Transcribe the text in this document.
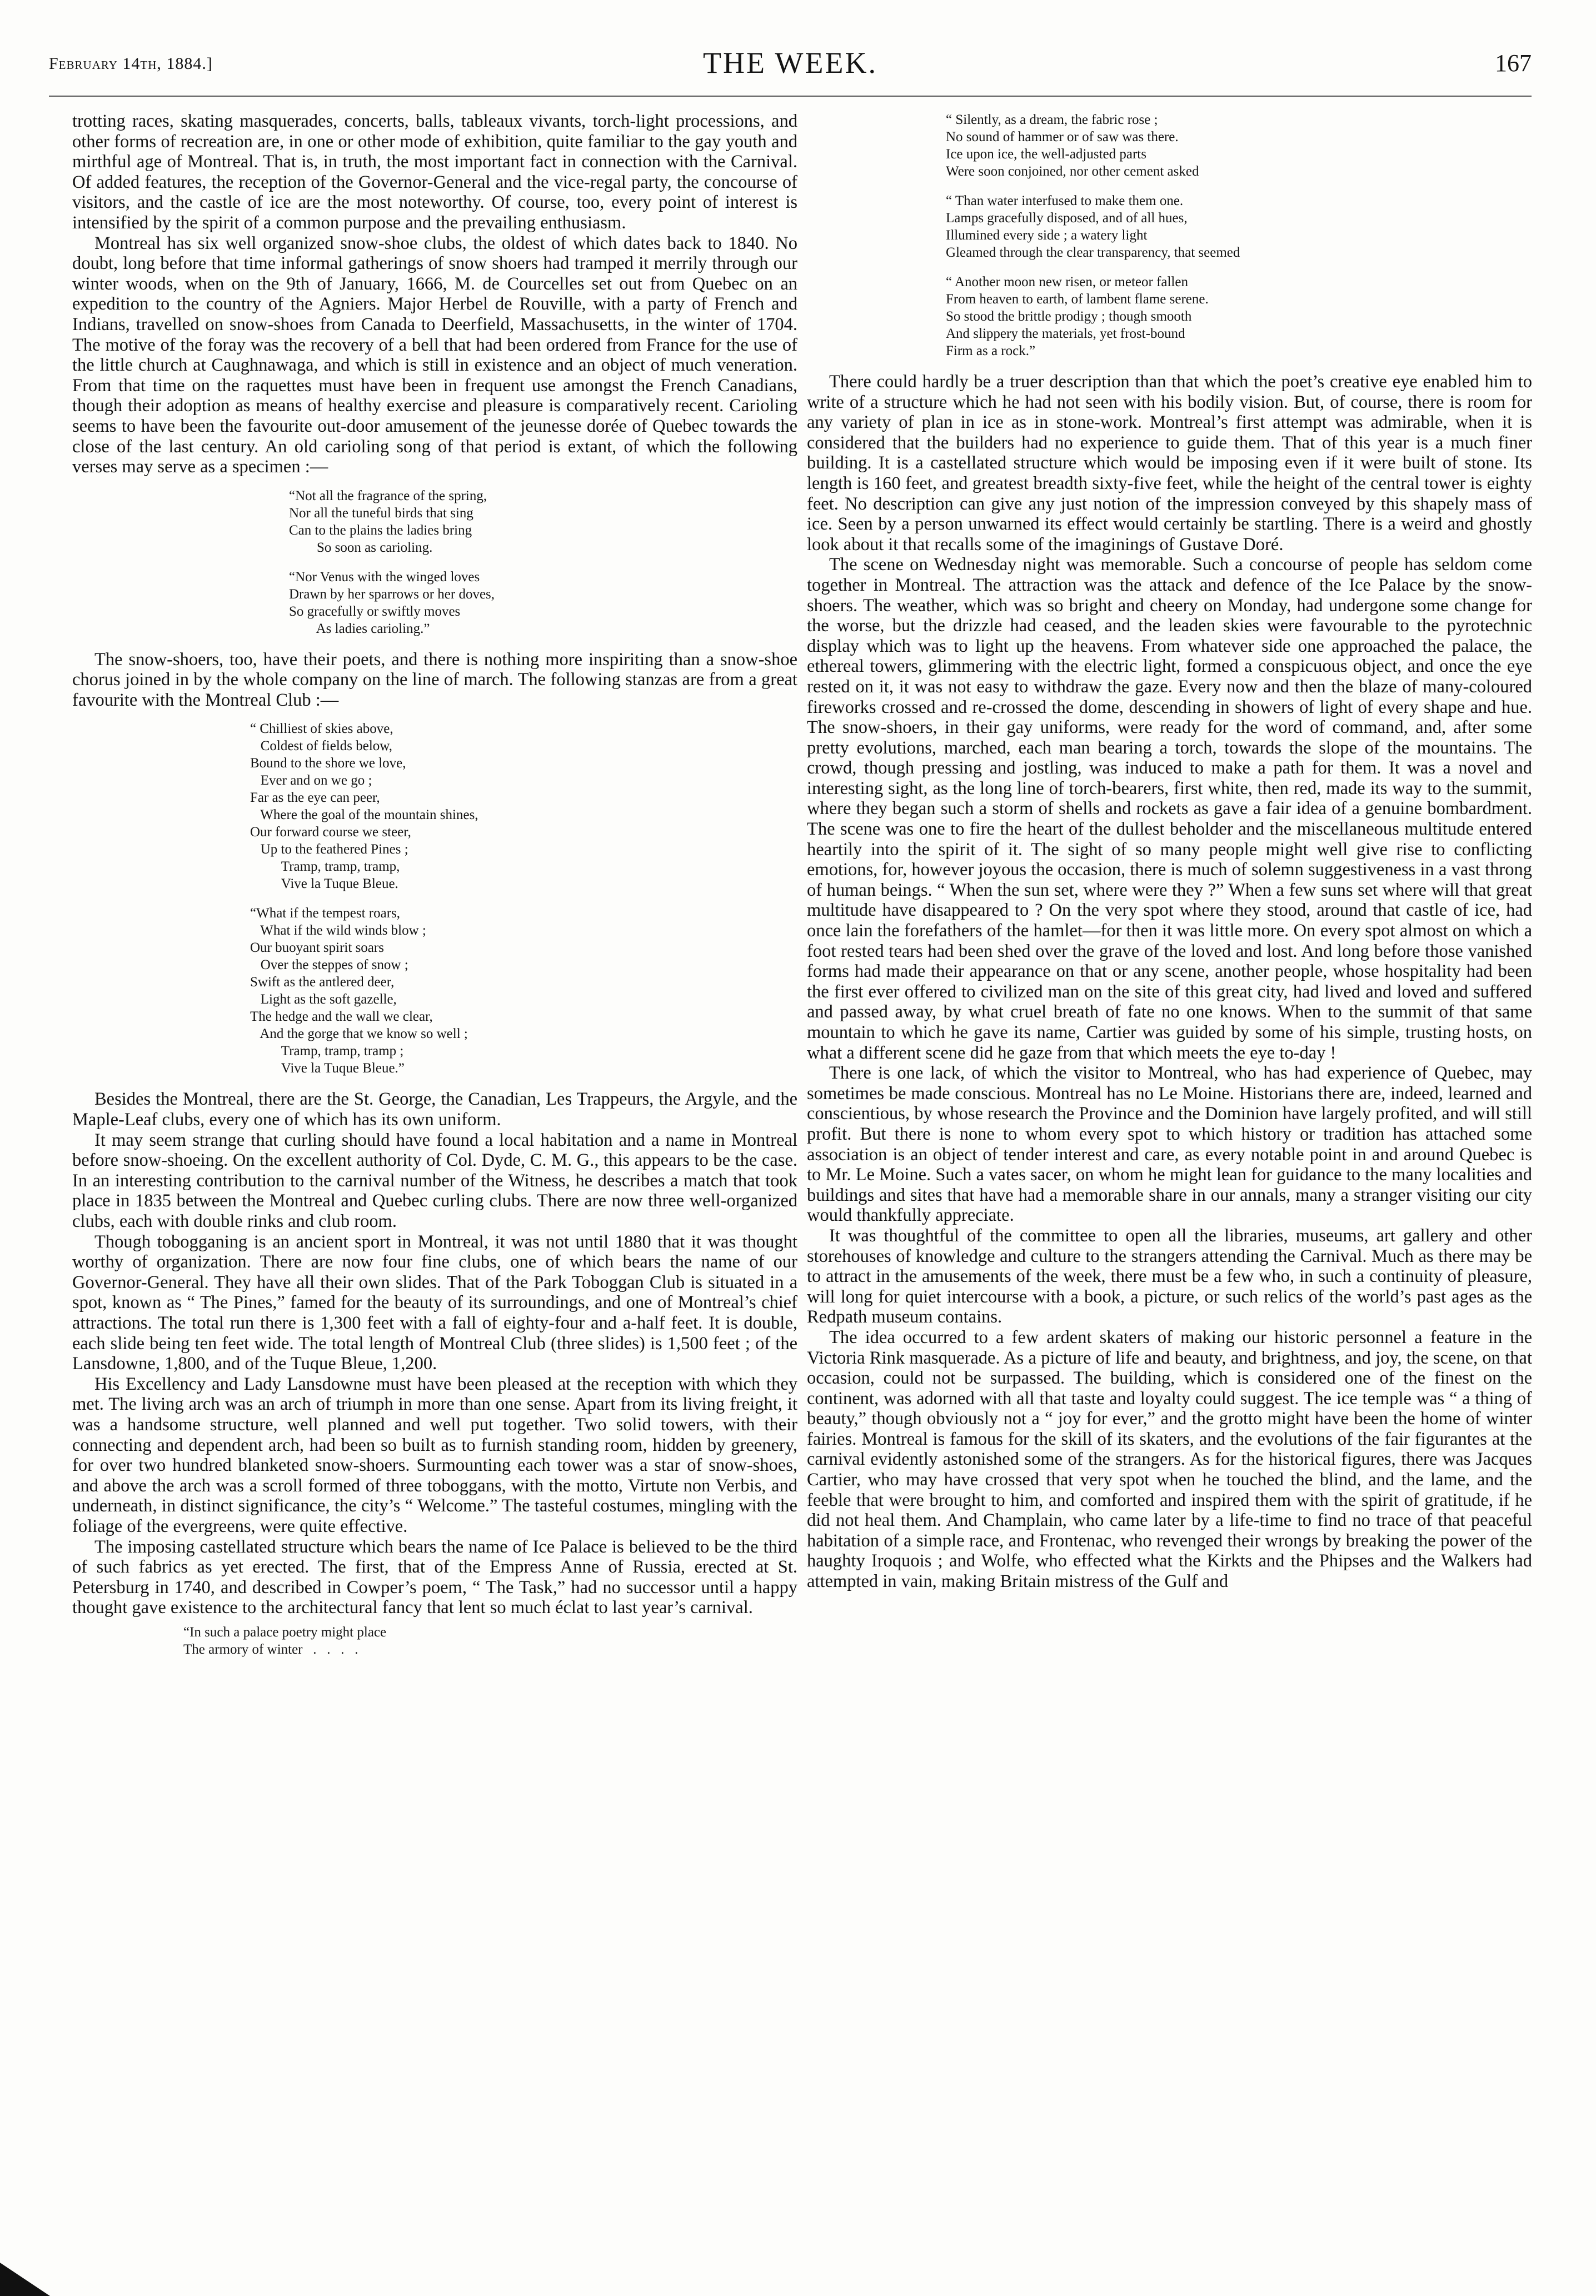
February 14th, 1884.]	THE WEEK.	167

trotting races, skating masquerades, concerts, balls, tableaux vivants, torch-light processions, and other forms of recreation are, in one or other mode of exhibition, quite familiar to the gay youth and mirthful age of Montreal. That is, in truth, the most important fact in connection with the Carnival. Of added features, the reception of the Governor-General and the vice-regal party, the concourse of visitors, and the castle of ice are the most noteworthy. Of course, too, every point of interest is intensified by the spirit of a common purpose and the prevailing enthusiasm.

Montreal has six well organized snow-shoe clubs, the oldest of which dates back to 1840. No doubt, long before that time informal gatherings of snow shoers had tramped it merrily through our winter woods, when on the 9th of January, 1666, M. de Courcelles set out from Quebec on an expedition to the country of the Agniers. Major Herbel de Rouville, with a party of French and Indians, travelled on snow-shoes from Canada to Deerfield, Massachusetts, in the winter of 1704. The motive of the foray was the recovery of a bell that had been ordered from France for the use of the little church at Caughnawaga, and which is still in existence and an object of much veneration. From that time on the raquettes must have been in frequent use amongst the French Canadians, though their adoption as means of healthy exercise and pleasure is comparatively recent. Carioling seems to have been the favourite out-door amusement of the jeunesse dorée of Quebec towards the close of the last century. An old carioling song of that period is extant, of which the following verses may serve as a specimen :—

“Not all the fragrance of the spring,
Nor all the tuneful birds that sing
Can to the plains the ladies bring
So soon as carioling.
“Nor Venus with the winged loves
Drawn by her sparrows or her doves,
So gracefully or swiftly moves
As ladies carioling.”

The snow-shoers, too, have their poets, and there is nothing more inspiriting than a snow-shoe chorus joined in by the whole company on the line of march. The following stanzas are from a great favourite with the Montreal Club :—

“ Chilliest of skies above,
Coldest of fields below,
Bound to the shore we love,
Ever and on we go ;
Far as the eye can peer,
Where the goal of the mountain shines,
Our forward course we steer,
Up to the feathered Pines ;
Tramp, tramp, tramp,
Vive la Tuque Bleue.
“What if the tempest roars,
What if the wild winds blow ;
Our buoyant spirit soars
Over the steppes of snow ;
Swift as the antlered deer,
Light as the soft gazelle,
The hedge and the wall we clear,
And the gorge that we know so well ;
Tramp, tramp, tramp ;
Vive la Tuque Bleue.”

Besides the Montreal, there are the St. George, the Canadian, Les Trappeurs, the Argyle, and the Maple-Leaf clubs, every one of which has its own uniform.

It may seem strange that curling should have found a local habitation and a name in Montreal before snow-shoeing. On the excellent authority of Col. Dyde, C. M. G., this appears to be the case. In an interesting contribution to the carnival number of the Witness, he describes a match that took place in 1835 between the Montreal and Quebec curling clubs. There are now three well-organized clubs, each with double rinks and club room.

Though tobogganing is an ancient sport in Montreal, it was not until 1880 that it was thought worthy of organization. There are now four fine clubs, one of which bears the name of our Governor-General. They have all their own slides. That of the Park Toboggan Club is situated in a spot, known as “ The Pines,” famed for the beauty of its surroundings, and one of Montreal’s chief attractions. The total run there is 1,300 feet with a fall of eighty-four and a-half feet. It is double, each slide being ten feet wide. The total length of Montreal Club (three slides) is 1,500 feet ; of the Lansdowne, 1,800, and of the Tuque Bleue, 1,200.

His Excellency and Lady Lansdowne must have been pleased at the reception with which they met. The living arch was an arch of triumph in more than one sense. Apart from its living freight, it was a handsome structure, well planned and well put together. Two solid towers, with their connecting and dependent arch, had been so built as to furnish standing room, hidden by greenery, for over two hundred blanketed snow-shoers. Surmounting each tower was a star of snow-shoes, and above the arch was a scroll formed of three toboggans, with the motto, Virtute non Verbis, and underneath, in distinct significance, the city’s “ Welcome.” The tasteful costumes, mingling with the foliage of the evergreens, were quite effective.

The imposing castellated structure which bears the name of Ice Palace is believed to be the third of such fabrics as yet erected. The first, that of the Empress Anne of Russia, erected at St. Petersburg in 1740, and described in Cowper’s poem, “ The Task,” had no successor until a happy thought gave existence to the architectural fancy that lent so much éclat to last year’s carnival.

“In such a palace poetry might place
The armory of winter   .   .   .   .
“ Silently, as a dream, the fabric rose ;
No sound of hammer or of saw was there.
Ice upon ice, the well-adjusted parts
Were soon conjoined, nor other cement asked
“ Than water interfused to make them one.
Lamps gracefully disposed, and of all hues,
Illumined every side ; a watery light
Gleamed through the clear transparency, that seemed
“ Another moon new risen, or meteor fallen
From heaven to earth, of lambent flame serene.
So stood the brittle prodigy ; though smooth
And slippery the materials, yet frost-bound
Firm as a rock.”

There could hardly be a truer description than that which the poet’s creative eye enabled him to write of a structure which he had not seen with his bodily vision. But, of course, there is room for any variety of plan in ice as in stone-work. Montreal’s first attempt was admirable, when it is considered that the builders had no experience to guide them. That of this year is a much finer building. It is a castellated structure which would be imposing even if it were built of stone. Its length is 160 feet, and greatest breadth sixty-five feet, while the height of the central tower is eighty feet. No description can give any just notion of the impression conveyed by this shapely mass of ice. Seen by a person unwarned its effect would certainly be startling. There is a weird and ghostly look about it that recalls some of the imaginings of Gustave Doré.

The scene on Wednesday night was memorable. Such a concourse of people has seldom come together in Montreal. The attraction was the attack and defence of the Ice Palace by the snow-shoers. The weather, which was so bright and cheery on Monday, had undergone some change for the worse, but the drizzle had ceased, and the leaden skies were favourable to the pyrotechnic display which was to light up the heavens. From whatever side one approached the palace, the ethereal towers, glimmering with the electric light, formed a conspicuous object, and once the eye rested on it, it was not easy to withdraw the gaze. Every now and then the blaze of many-coloured fireworks crossed and re-crossed the dome, descending in showers of light of every shape and hue. The snow-shoers, in their gay uniforms, were ready for the word of command, and, after some pretty evolutions, marched, each man bearing a torch, towards the slope of the mountains. The crowd, though pressing and jostling, was induced to make a path for them. It was a novel and interesting sight, as the long line of torch-bearers, first white, then red, made its way to the summit, where they began such a storm of shells and rockets as gave a fair idea of a genuine bombardment. The scene was one to fire the heart of the dullest beholder and the miscellaneous multitude entered heartily into the spirit of it. The sight of so many people might well give rise to conflicting emotions, for, however joyous the occasion, there is much of solemn suggestiveness in a vast throng of human beings. “ When the sun set, where were they ?” When a few suns set where will that great multitude have disappeared to ? On the very spot where they stood, around that castle of ice, had once lain the forefathers of the hamlet—for then it was little more. On every spot almost on which a foot rested tears had been shed over the grave of the loved and lost. And long before those vanished forms had made their appearance on that or any scene, another people, whose hospitality had been the first ever offered to civilized man on the site of this great city, had lived and loved and suffered and passed away, by what cruel breath of fate no one knows. When to the summit of that same mountain to which he gave its name, Cartier was guided by some of his simple, trusting hosts, on what a different scene did he gaze from that which meets the eye to-day !

There is one lack, of which the visitor to Montreal, who has had experience of Quebec, may sometimes be made conscious. Montreal has no Le Moine. Historians there are, indeed, learned and conscientious, by whose research the Province and the Dominion have largely profited, and will still profit. But there is none to whom every spot to which history or tradition has attached some association is an object of tender interest and care, as every notable point in and around Quebec is to Mr. Le Moine. Such a vates sacer, on whom he might lean for guidance to the many localities and buildings and sites that have had a memorable share in our annals, many a stranger visiting our city would thankfully appreciate.

It was thoughtful of the committee to open all the libraries, museums, art gallery and other storehouses of knowledge and culture to the strangers attending the Carnival. Much as there may be to attract in the amusements of the week, there must be a few who, in such a continuity of pleasure, will long for quiet intercourse with a book, a picture, or such relics of the world’s past ages as the Redpath museum contains.

The idea occurred to a few ardent skaters of making our historic personnel a feature in the Victoria Rink masquerade. As a picture of life and beauty, and brightness, and joy, the scene, on that occasion, could not be surpassed. The building, which is considered one of the finest on the continent, was adorned with all that taste and loyalty could suggest. The ice temple was “ a thing of beauty,” though obviously not a “ joy for ever,” and the grotto might have been the home of winter fairies. Montreal is famous for the skill of its skaters, and the evolutions of the fair figurantes at the carnival evidently astonished some of the strangers. As for the historical figures, there was Jacques Cartier, who may have crossed that very spot when he touched the blind, and the lame, and the feeble that were brought to him, and comforted and inspired them with the spirit of gratitude, if he did not heal them. And Champlain, who came later by a life-time to find no trace of that peaceful habitation of a simple race, and Frontenac, who revenged their wrongs by breaking the power of the haughty Iroquois ; and Wolfe, who effected what the Kirkts and the Phipses and the Walkers had attempted in vain, making Britain mistress of the Gulf and
